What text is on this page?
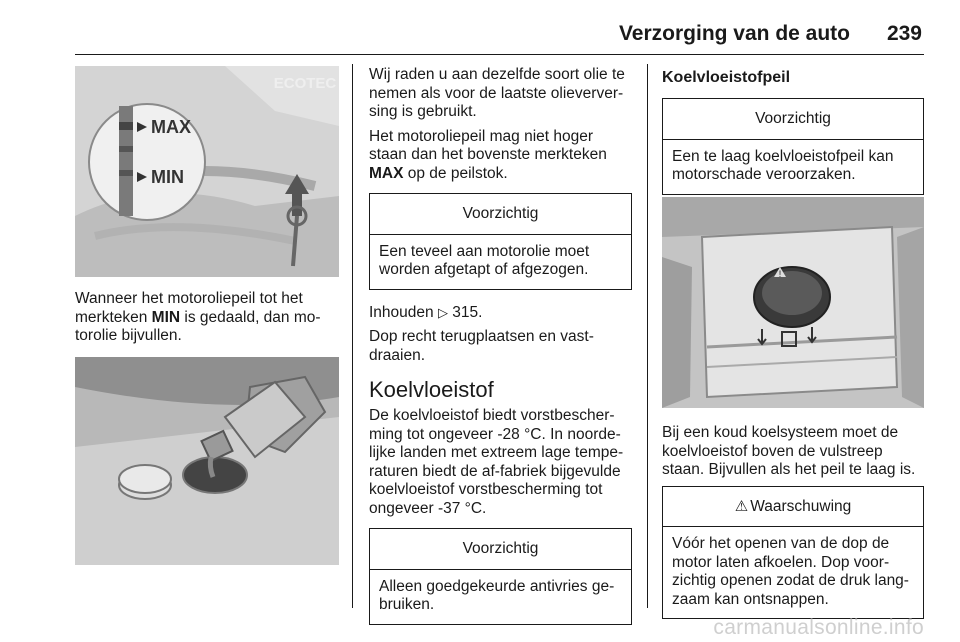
Verzorging van de auto 239
ECOTEC
MAX
MIN

Wanneer het motoroliepeil tot het merkteken MIN is gedaald, dan mo-torolie bijvullen.

Wij raden u aan dezelfde soort olie te nemen als voor de laatste olieverver-sing is gebruikt.

Het motoroliepeil mag niet hoger staan dan het bovenste merkteken MAX op de peilstok.

Voorzichtig
Een teveel aan motorolie moet worden afgetapt of afgezogen.

Inhouden ▷ 315.

Dop recht terugplaatsen en vast-draaien.

Koelvloeistof

De koelvloeistof biedt vorstbescher-ming tot ongeveer -28 °C. In noorde-lijke landen met extreem lage tempe-raturen biedt de af-fabriek bijgevulde koelvloeistof vorstbescherming tot ongeveer -37 °C.

Voorzichtig
Alleen goedgekeurde antivries ge-bruiken.
Koelvloeistofpeil
Voorzichtig
Een te laag koelvloeistofpeil kan motorschade veroorzaken.
!

Bij een koud koelsysteem moet de koelvloeistof boven de vulstreep staan. Bijvullen als het peil te laag is.

⚠ Waarschuwing
Vóór het openen van de dop de motor laten afkoelen. Dop voor-zichtig openen zodat de druk lang-zaam kan ontsnappen.
carmanualsonline.info
